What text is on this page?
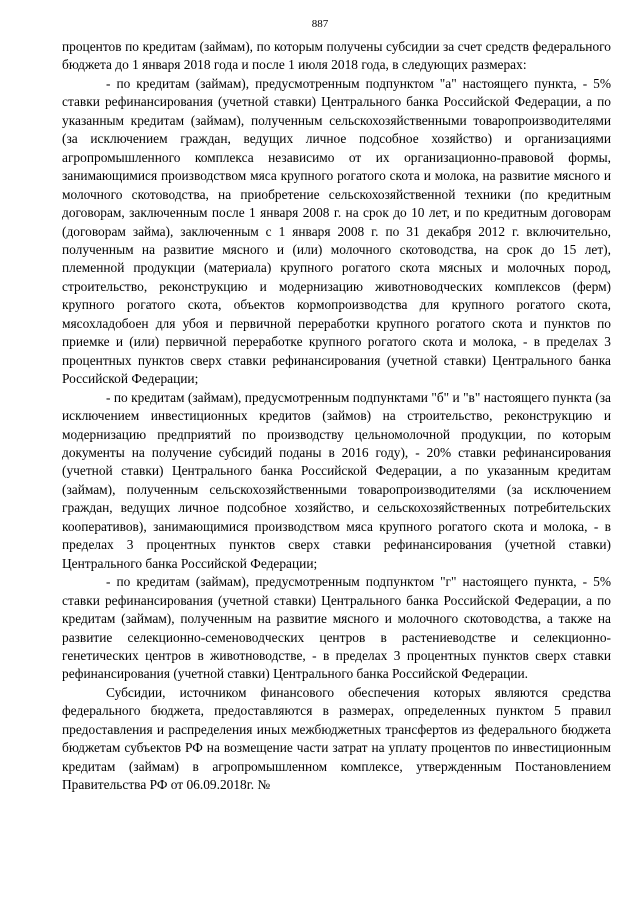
887

процентов по кредитам (займам), по которым получены субсидии за счет средств федерального бюджета до 1 января 2018 года и после 1 июля 2018 года, в следующих размерах:

- по кредитам (займам), предусмотренным подпунктом "а" настоящего пункта, - 5% ставки рефинансирования (учетной ставки) Центрального банка Российской Федерации, а по указанным кредитам (займам), полученным сельскохозяйственными товаропроизводителями (за исключением граждан, ведущих личное подсобное хозяйство) и организациями агропромышленного комплекса независимо от их организационно-правовой формы, занимающимися производством мяса крупного рогатого скота и молока, на развитие мясного и молочного скотоводства, на приобретение сельскохозяйственной техники (по кредитным договорам, заключенным после 1 января 2008 г. на срок до 10 лет, и по кредитным договорам (договорам займа), заключенным с 1 января 2008 г. по 31 декабря 2012 г. включительно, полученным на развитие мясного и (или) молочного скотоводства, на срок до 15 лет), племенной продукции (материала) крупного рогатого скота мясных и молочных пород, строительство, реконструкцию и модернизацию животноводческих комплексов (ферм) крупного рогатого скота, объектов кормопроизводства для крупного рогатого скота, мясохладобоен для убоя и первичной переработки крупного рогатого скота и пунктов по приемке и (или) первичной переработке крупного рогатого скота и молока, - в пределах 3 процентных пунктов сверх ставки рефинансирования (учетной ставки) Центрального банка Российской Федерации;

- по кредитам (займам), предусмотренным подпунктами "б" и "в" настоящего пункта (за исключением инвестиционных кредитов (займов) на строительство, реконструкцию и модернизацию предприятий по производству цельномолочной продукции, по которым документы на получение субсидий поданы в 2016 году), - 20% ставки рефинансирования (учетной ставки) Центрального банка Российской Федерации, а по указанным кредитам (займам), полученным сельскохозяйственными товаропроизводителями (за исключением граждан, ведущих личное подсобное хозяйство, и сельскохозяйственных потребительских кооперативов), занимающимися производством мяса крупного рогатого скота и молока, - в пределах 3 процентных пунктов сверх ставки рефинансирования (учетной ставки) Центрального банка Российской Федерации;

- по кредитам (займам), предусмотренным подпунктом "г" настоящего пункта, - 5% ставки рефинансирования (учетной ставки) Центрального банка Российской Федерации, а по кредитам (займам), полученным на развитие мясного и молочного скотоводства, а также на развитие селекционно-семеноводческих центров в растениеводстве и селекционно-генетических центров в животноводстве, - в пределах 3 процентных пунктов сверх ставки рефинансирования (учетной ставки) Центрального банка Российской Федерации.

Субсидии, источником финансового обеспечения которых являются средства федерального бюджета, предоставляются в размерах, определенных пунктом 5 правил предоставления и распределения иных межбюджетных трансфертов из федерального бюджета бюджетам субъектов РФ на возмещение части затрат на уплату процентов по инвестиционным кредитам (займам) в агропромышленном комплексе, утвержденным Постановлением Правительства РФ от 06.09.2018г. №
